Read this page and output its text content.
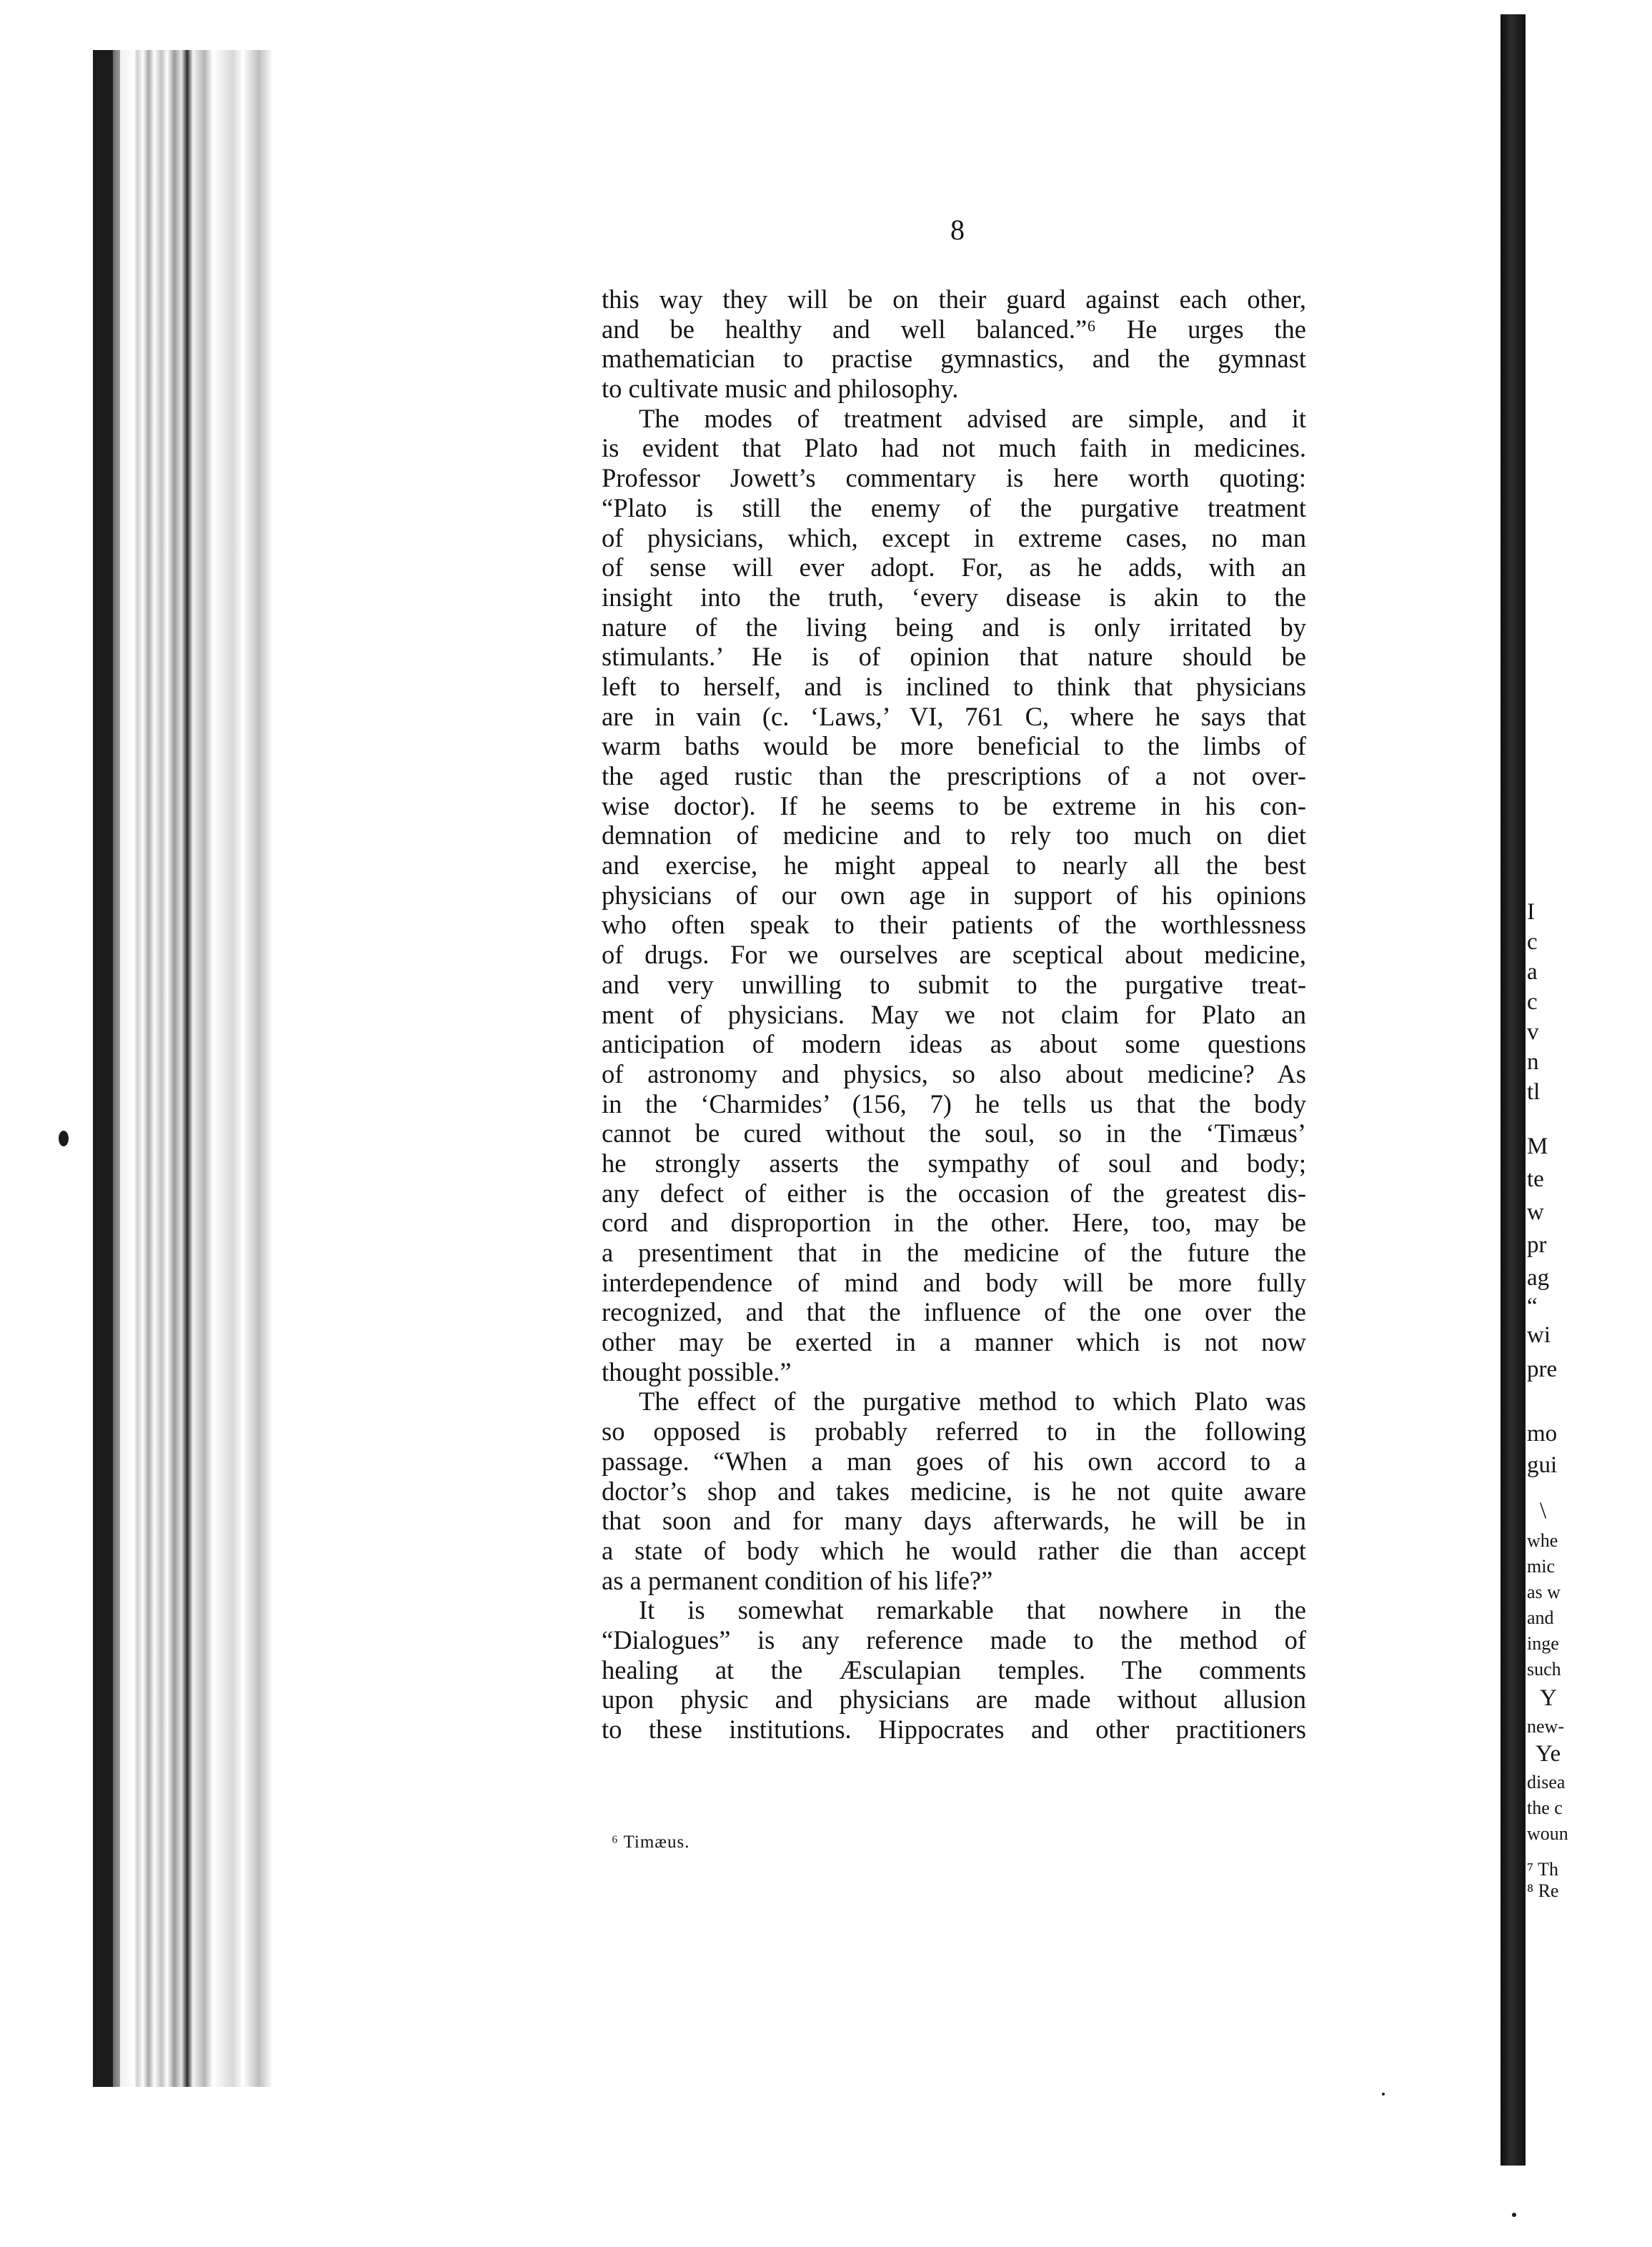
8
this way they will be on their guard against each other,
and be healthy and well balanced.”⁶ He urges the
mathematician to practise gymnastics, and the gymnast
to cultivate music and philosophy.
The modes of treatment advised are simple, and it
is evident that Plato had not much faith in medicines.
Professor Jowett’s commentary is here worth quoting:
“Plato is still the enemy of the purgative treatment
of physicians, which, except in extreme cases, no man
of sense will ever adopt. For, as he adds, with an
insight into the truth, ‘every disease is akin to the
nature of the living being and is only irritated by
stimulants.’ He is of opinion that nature should be
left to herself, and is inclined to think that physicians
are in vain (c. ‘Laws,’ VI, 761 C, where he says that
warm baths would be more beneficial to the limbs of
the aged rustic than the prescriptions of a not over-
wise doctor). If he seems to be extreme in his con-
demnation of medicine and to rely too much on diet
and exercise, he might appeal to nearly all the best
physicians of our own age in support of his opinions
who often speak to their patients of the worthlessness
of drugs. For we ourselves are sceptical about medicine,
and very unwilling to submit to the purgative treat-
ment of physicians. May we not claim for Plato an
anticipation of modern ideas as about some questions
of astronomy and physics, so also about medicine? As
in the ‘Charmides’ (156, 7) he tells us that the body
cannot be cured without the soul, so in the ‘Timæus’
he strongly asserts the sympathy of soul and body;
any defect of either is the occasion of the greatest dis-
cord and disproportion in the other. Here, too, may be
a presentiment that in the medicine of the future the
interdependence of mind and body will be more fully
recognized, and that the influence of the one over the
other may be exerted in a manner which is not now
thought possible.”
The effect of the purgative method to which Plato was
so opposed is probably referred to in the following
passage. “When a man goes of his own accord to a
doctor’s shop and takes medicine, is he not quite aware
that soon and for many days afterwards, he will be in
a state of body which he would rather die than accept
as a permanent condition of his life?”
It is somewhat remarkable that nowhere in the
“Dialogues” is any reference made to the method of
healing at the Æsculapian temples. The comments
upon physic and physicians are made without allusion
to these institutions. Hippocrates and other practitioners
⁶ Timæus.
I
c
a
c
v
n
tl
M
te
w
pr
ag
“
wi
pre
mo
gui
\
whe
mic
as w
and
inge
such
Y
new-
Ye
disea
the c
woun
⁷ Th
⁸ Re
